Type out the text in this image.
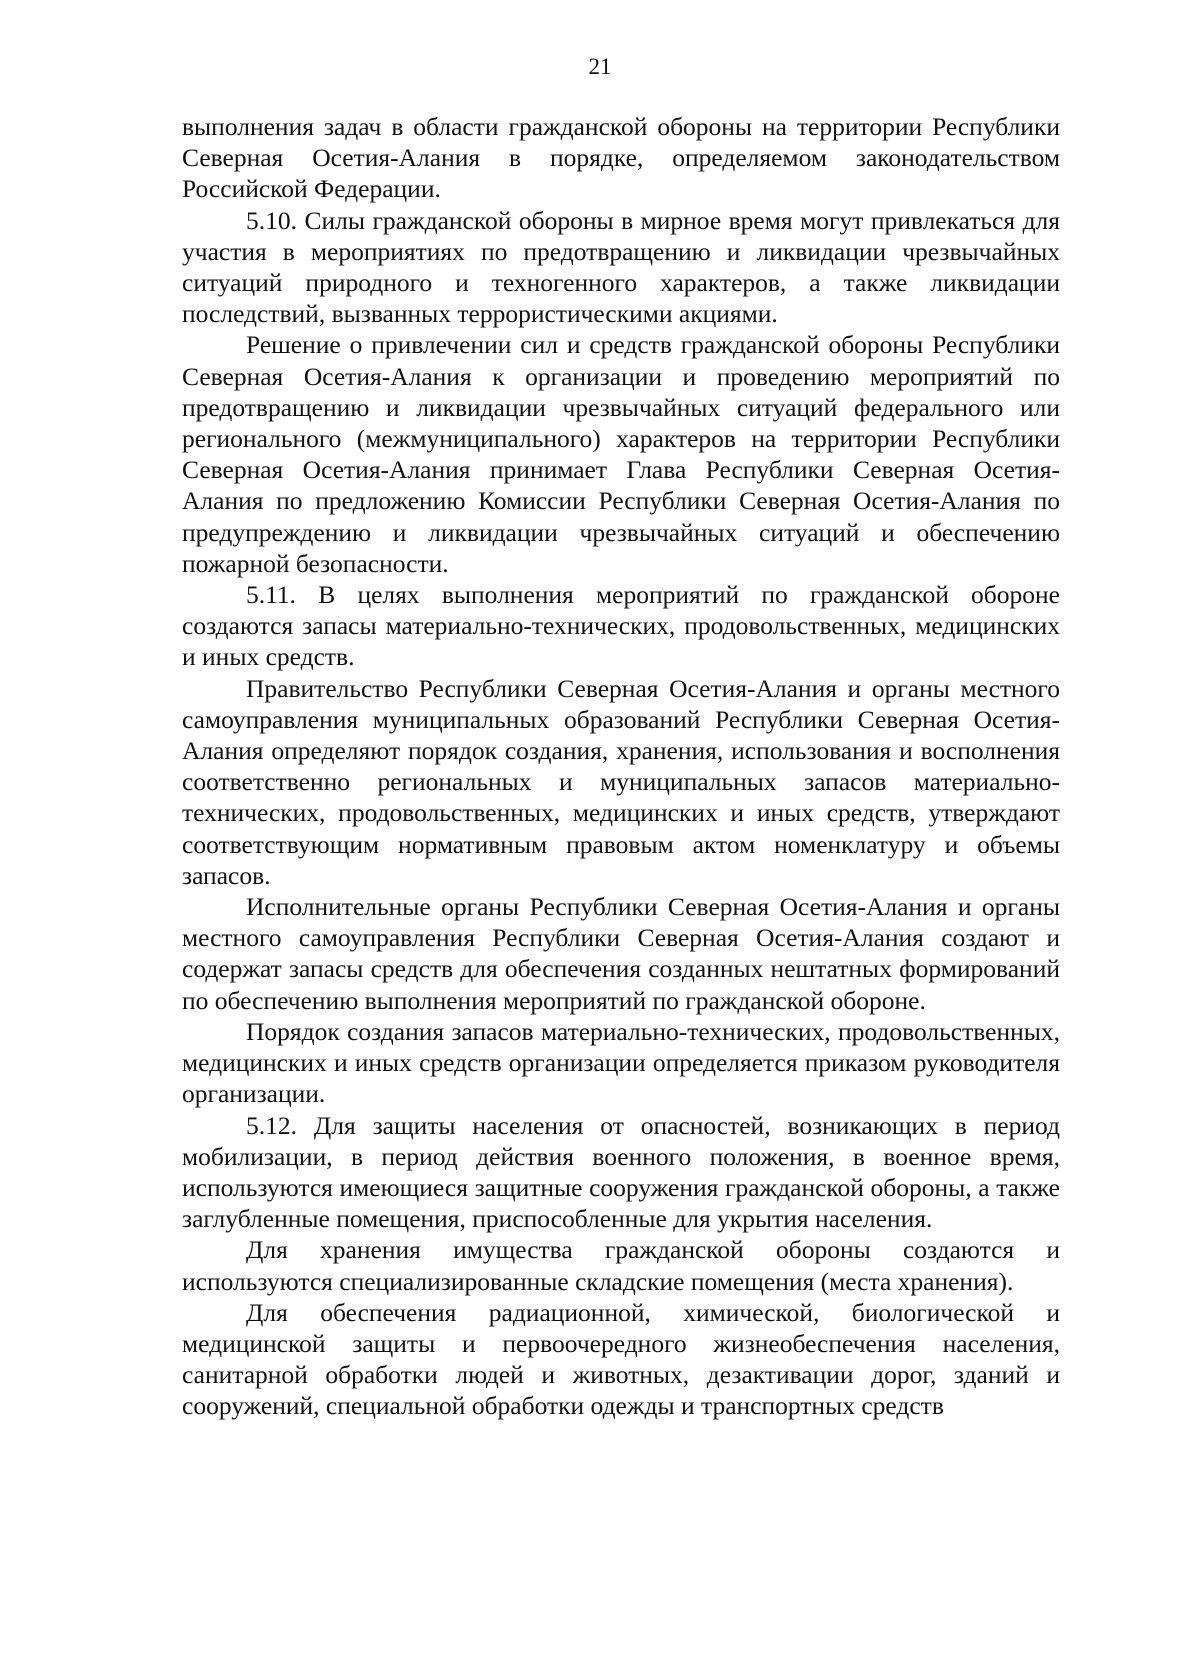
21

выполнения задач в области гражданской обороны на территории Республики Северная Осетия-Алания в порядке, определяемом законодательством Российской Федерации.

5.10. Силы гражданской обороны в мирное время могут привлекаться для участия в мероприятиях по предотвращению и ликвидации чрезвычайных ситуаций природного и техногенного характеров, а также ликвидации последствий, вызванных террористическими акциями.

Решение о привлечении сил и средств гражданской обороны Республики Северная Осетия-Алания к организации и проведению мероприятий по предотвращению и ликвидации чрезвычайных ситуаций федерального или регионального (межмуниципального) характеров на территории Республики Северная Осетия-Алания принимает Глава Республики Северная Осетия-Алания по предложению Комиссии Республики Северная Осетия-Алания по предупреждению и ликвидации чрезвычайных ситуаций и обеспечению пожарной безопасности.

5.11. В целях выполнения мероприятий по гражданской обороне создаются запасы материально-технических, продовольственных, медицинских и иных средств.

Правительство Республики Северная Осетия-Алания и органы местного самоуправления муниципальных образований Республики Северная Осетия-Алания определяют порядок создания, хранения, использования и восполнения соответственно региональных и муниципальных запасов материально-технических, продовольственных, медицинских и иных средств, утверждают соответствующим нормативным правовым актом номенклатуру и объемы запасов.

Исполнительные органы Республики Северная Осетия-Алания и органы местного самоуправления Республики Северная Осетия-Алания создают и содержат запасы средств для обеспечения созданных нештатных формирований по обеспечению выполнения мероприятий по гражданской обороне.

Порядок создания запасов материально-технических, продовольственных, медицинских и иных средств организации определяется приказом руководителя организации.

5.12. Для защиты населения от опасностей, возникающих в период мобилизации, в период действия военного положения, в военное время, используются имеющиеся защитные сооружения гражданской обороны, а также заглубленные помещения, приспособленные для укрытия населения.

Для хранения имущества гражданской обороны создаются и используются специализированные складские помещения (места хранения).

Для обеспечения радиационной, химической, биологической и медицинской защиты и первоочередного жизнеобеспечения населения, санитарной обработки людей и животных, дезактивации дорог, зданий и сооружений, специальной обработки одежды и транспортных средств
